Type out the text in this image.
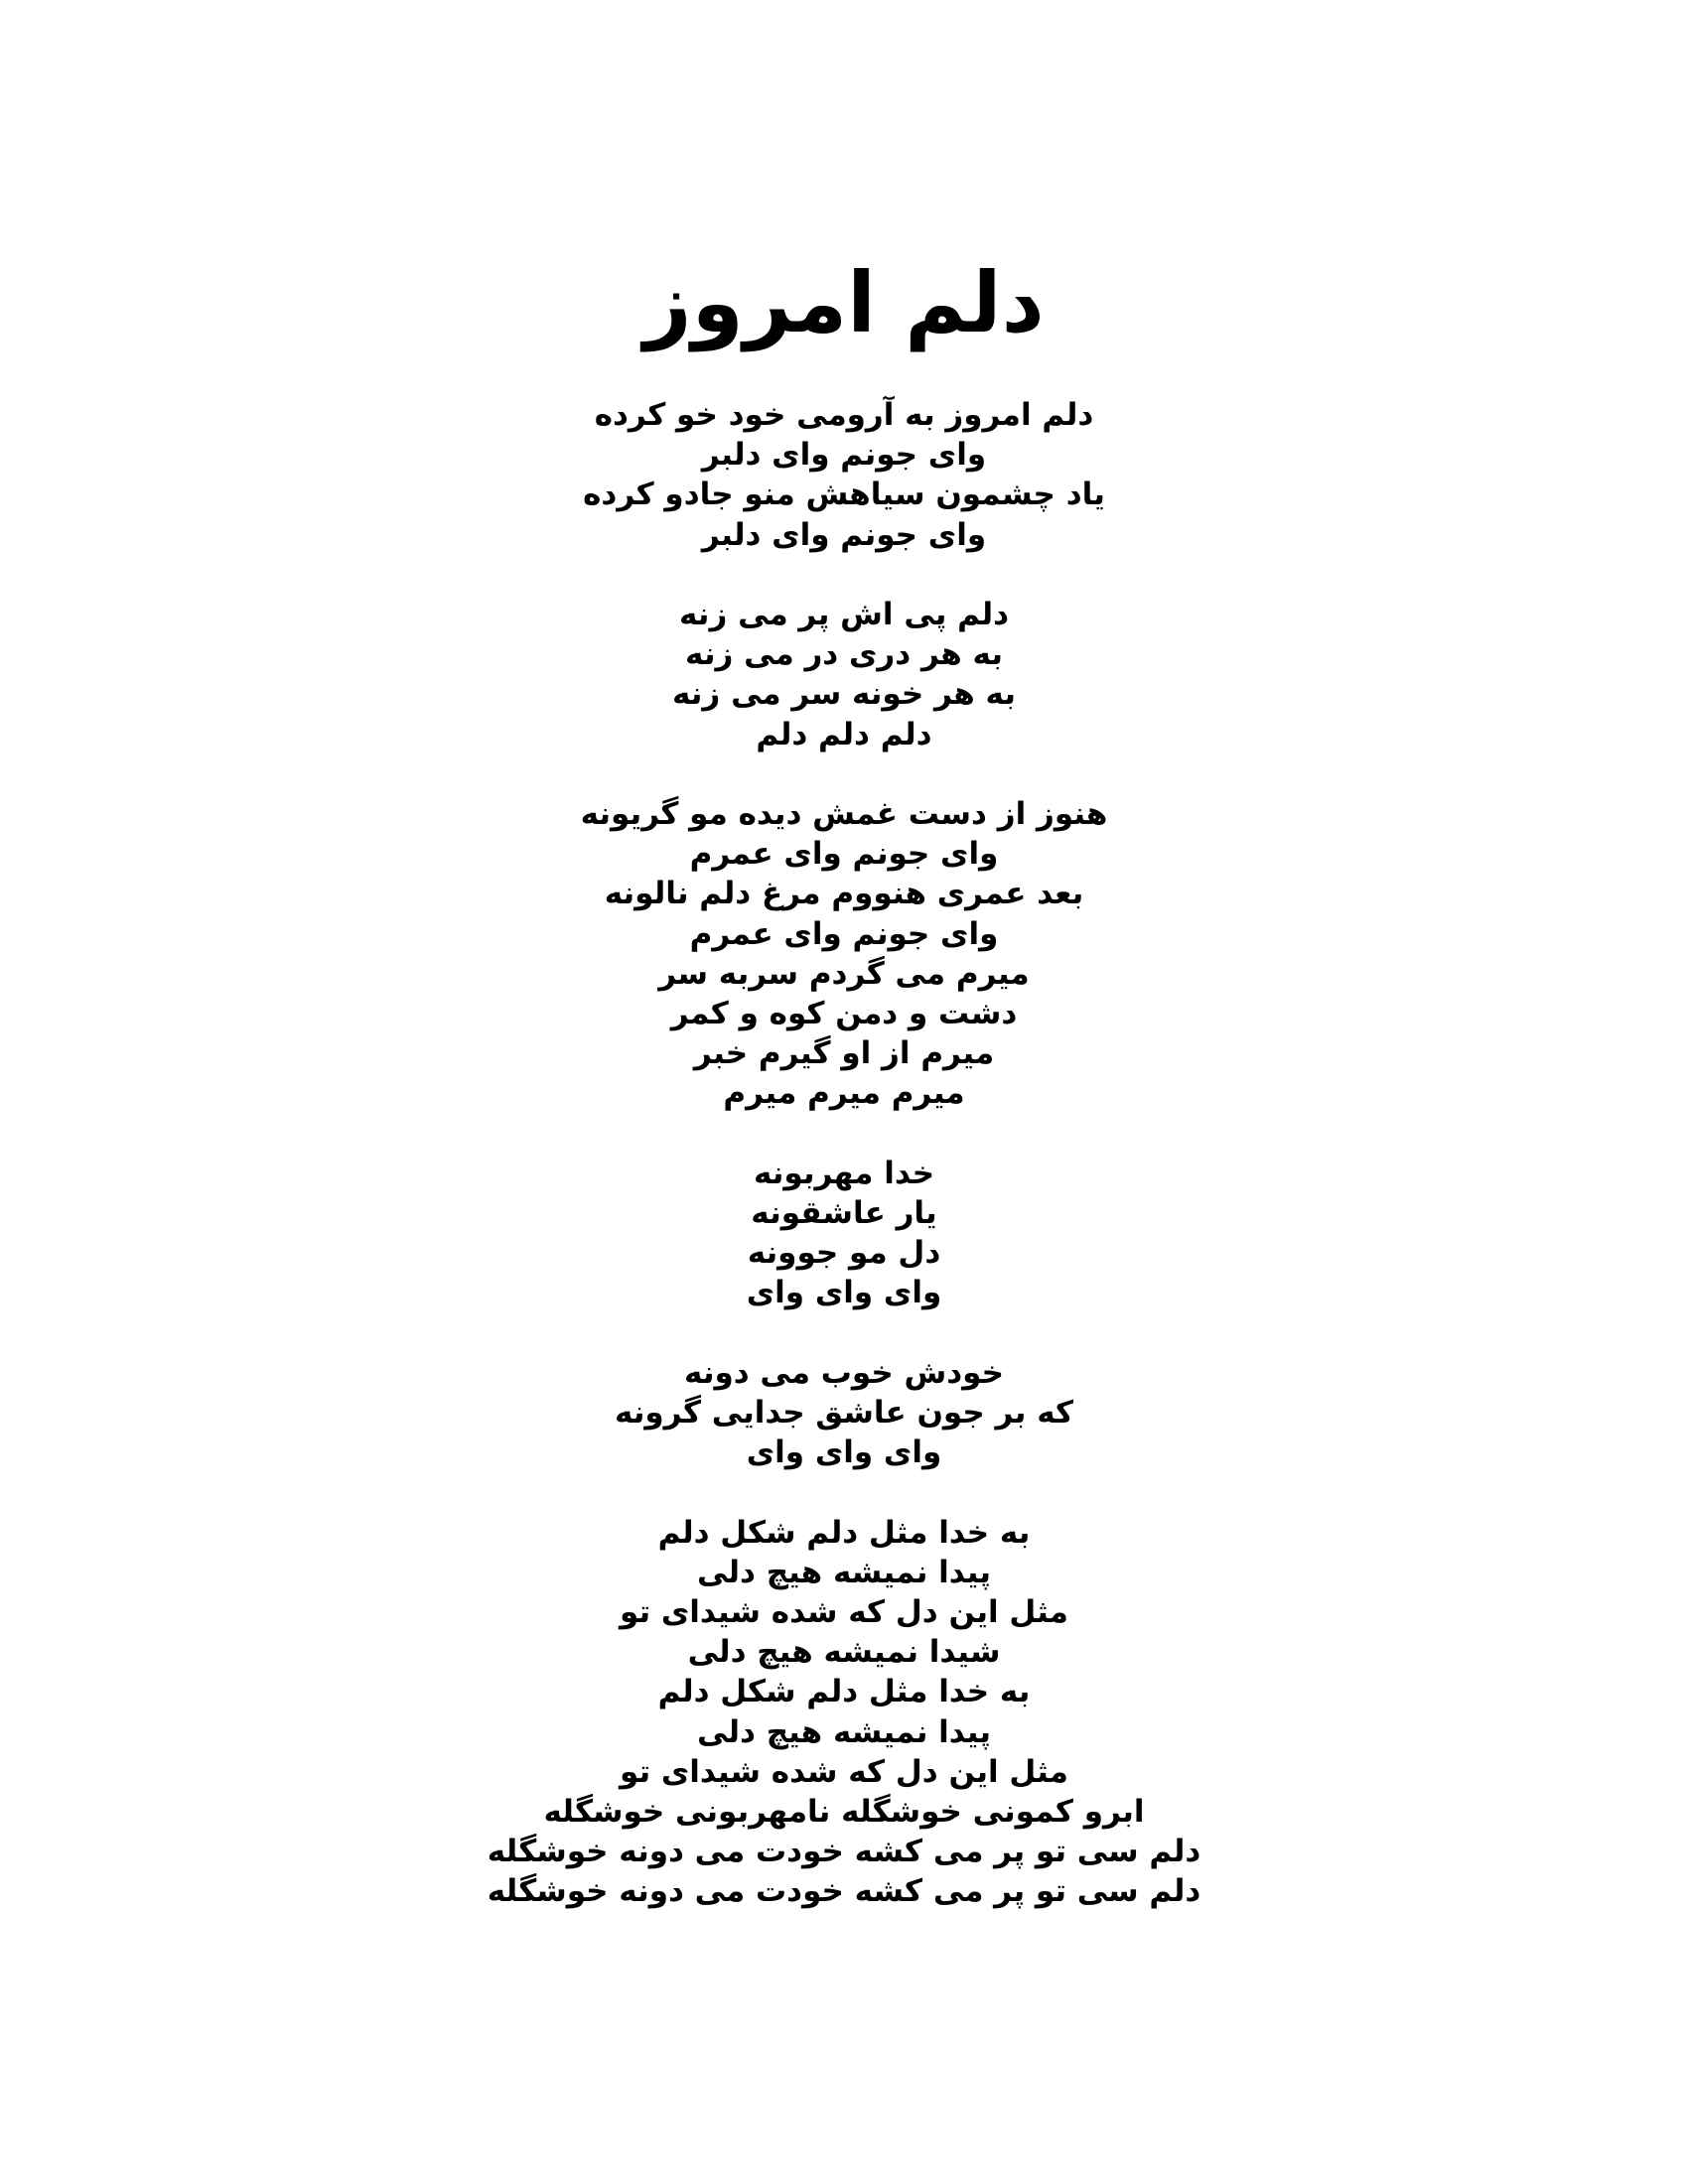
دلم امروز
دلم امروز به آرومی خود خو کرده
وای جونم وای دلبر
یاد چشمون سیاهش منو جادو کرده
وای جونم وای دلبر
دلم پی اش پر می زنه
به هر دری در می زنه
به هر خونه سر می زنه
دلم دلم دلم
هنوز از دست غمش دیده مو گریونه
وای جونم وای عمرم
بعد عمری هنووم مرغ دلم نالونه
وای جونم وای عمرم
میرم می گردم سربه سر
دشت و دمن کوه و کمر
میرم از او گیرم خبر
میرم میرم میرم
خدا مهربونه
یار عاشقونه
دل مو جوونه
وای وای وای
خودش خوب می دونه
که بر جون عاشق جدایی گرونه
وای وای وای
به خدا مثل دلم شکل دلم
پیدا نمیشه هیچ دلی
مثل این دل که شده شیدای تو
شیدا نمیشه هیچ دلی
به خدا مثل دلم شکل دلم
پیدا نمیشه هیچ دلی
مثل این دل که شده شیدای تو
ابرو کمونی خوشگله نامهربونی خوشگله
دلم سی تو پر می کشه خودت می دونه خوشگله
دلم سی تو پر می کشه خودت می دونه خوشگله
